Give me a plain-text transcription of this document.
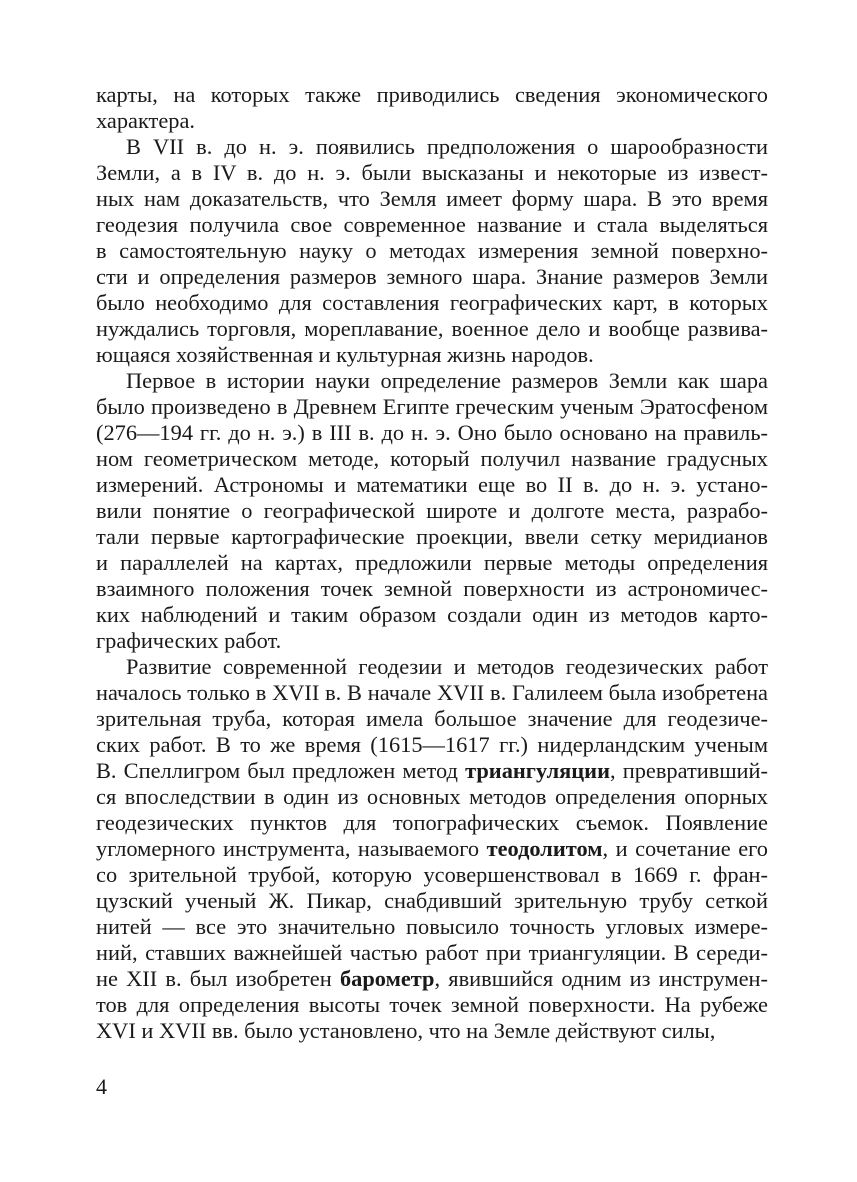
карты, на которых также приводились сведения экономического
характера.
В VII в. до н. э. появились предположения о шарообразности
Земли, а в IV в. до н. э. были высказаны и некоторые из извест-
ных нам доказательств, что Земля имеет форму шара. В это время
геодезия получила свое современное название и стала выделяться
в самостоятельную науку о методах измерения земной поверхно-
сти и определения размеров земного шара. Знание размеров Земли
было необходимо для составления географических карт, в которых
нуждались торговля, мореплавание, военное дело и вообще развива-
ющаяся хозяйственная и культурная жизнь народов.
Первое в истории науки определение размеров Земли как шара
было произведено в Древнем Египте греческим ученым Эратосфеном
(276—194 гг. до н. э.) в III в. до н. э. Оно было основано на правиль-
ном геометрическом методе, который получил название градусных
измерений. Астрономы и математики еще во II в. до н. э. устано-
вили понятие о географической широте и долготе места, разрабо-
тали первые картографические проекции, ввели сетку меридианов
и параллелей на картах, предложили первые методы определения
взаимного положения точек земной поверхности из астрономичес-
ких наблюдений и таким образом создали один из методов карто-
графических работ.
Развитие современной геодезии и методов геодезических работ
началось только в XVII в. В начале XVII в. Галилеем была изобретена
зрительная труба, которая имела большое значение для геодезиче-
ских работ. В то же время (1615—1617 гг.) нидерландским ученым
В. Спеллигром был предложен метод триангуляции, превративший-
ся впоследствии в один из основных методов определения опорных
геодезических пунктов для топографических съемок. Появление
угломерного инструмента, называемого теодолитом, и сочетание его
со зрительной трубой, которую усовершенствовал в 1669 г. фран-
цузский ученый Ж. Пикар, снабдивший зрительную трубу сеткой
нитей — все это значительно повысило точность угловых измере-
ний, ставших важнейшей частью работ при триангуляции. В середи-
не XII в. был изобретен барометр, явившийся одним из инструмен-
тов для определения высоты точек земной поверхности. На рубеже
XVI и XVII вв. было установлено, что на Земле действуют силы,
4
